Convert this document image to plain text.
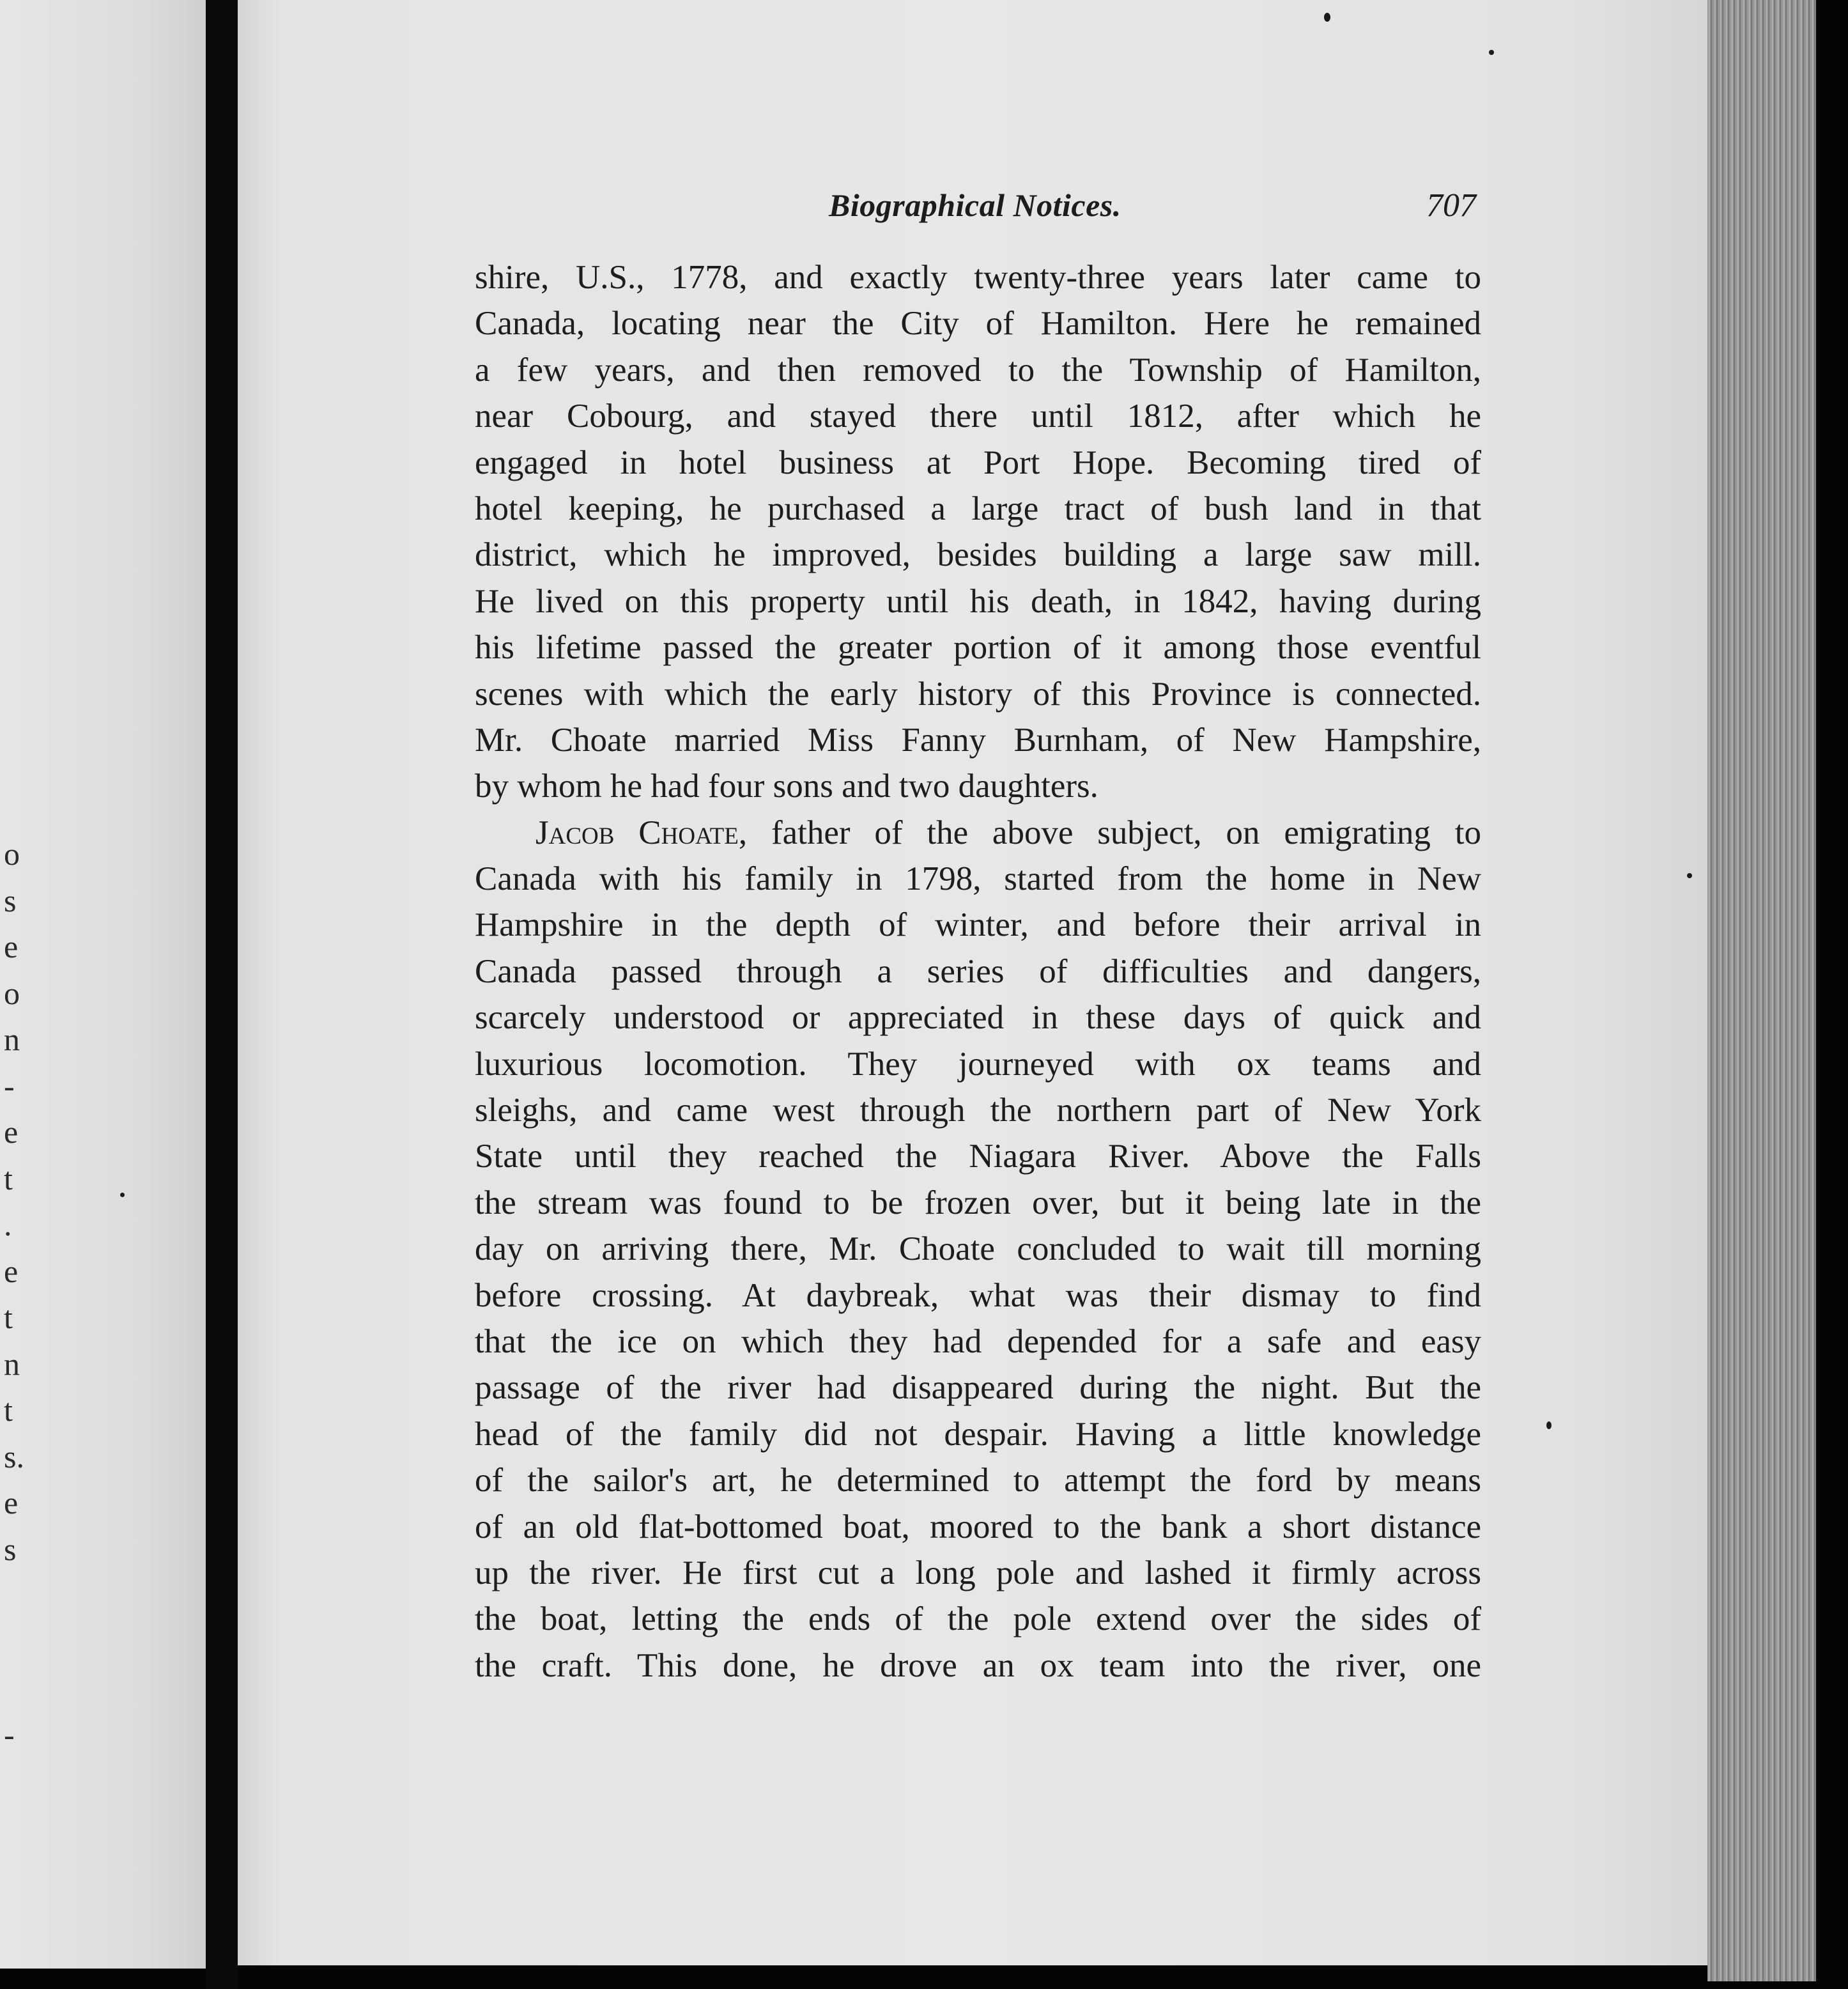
o
s
e
o
n
-
e
t
.
e
t
n
t
s.
e
s
-
Biographical Notices.	707
shire, U.S., 1778, and exactly twenty-three years later came to
Canada, locating near the City of Hamilton. Here he remained
a few years, and then removed to the Township of Hamilton,
near Cobourg, and stayed there until 1812, after which he
engaged in hotel business at Port Hope. Becoming tired of
hotel keeping, he purchased a large tract of bush land in that
district, which he improved, besides building a large saw mill.
He lived on this property until his death, in 1842, having during
his lifetime passed the greater portion of it among those eventful
scenes with which the early history of this Province is connected.
Mr. Choate married Miss Fanny Burnham, of New Hampshire,
by whom he had four sons and two daughters.
Jacob Choate, father of the above subject, on emigrating to
Canada with his family in 1798, started from the home in New
Hampshire in the depth of winter, and before their arrival in
Canada passed through a series of difficulties and dangers,
scarcely understood or appreciated in these days of quick and
luxurious locomotion. They journeyed with ox teams and
sleighs, and came west through the northern part of New York
State until they reached the Niagara River. Above the Falls
the stream was found to be frozen over, but it being late in the
day on arriving there, Mr. Choate concluded to wait till morning
before crossing. At daybreak, what was their dismay to find
that the ice on which they had depended for a safe and easy
passage of the river had disappeared during the night. But the
head of the family did not despair. Having a little knowledge
of the sailor's art, he determined to attempt the ford by means
of an old flat-bottomed boat, moored to the bank a short distance
up the river. He first cut a long pole and lashed it firmly across
the boat, letting the ends of the pole extend over the sides of
the craft. This done, he drove an ox team into the river, one
